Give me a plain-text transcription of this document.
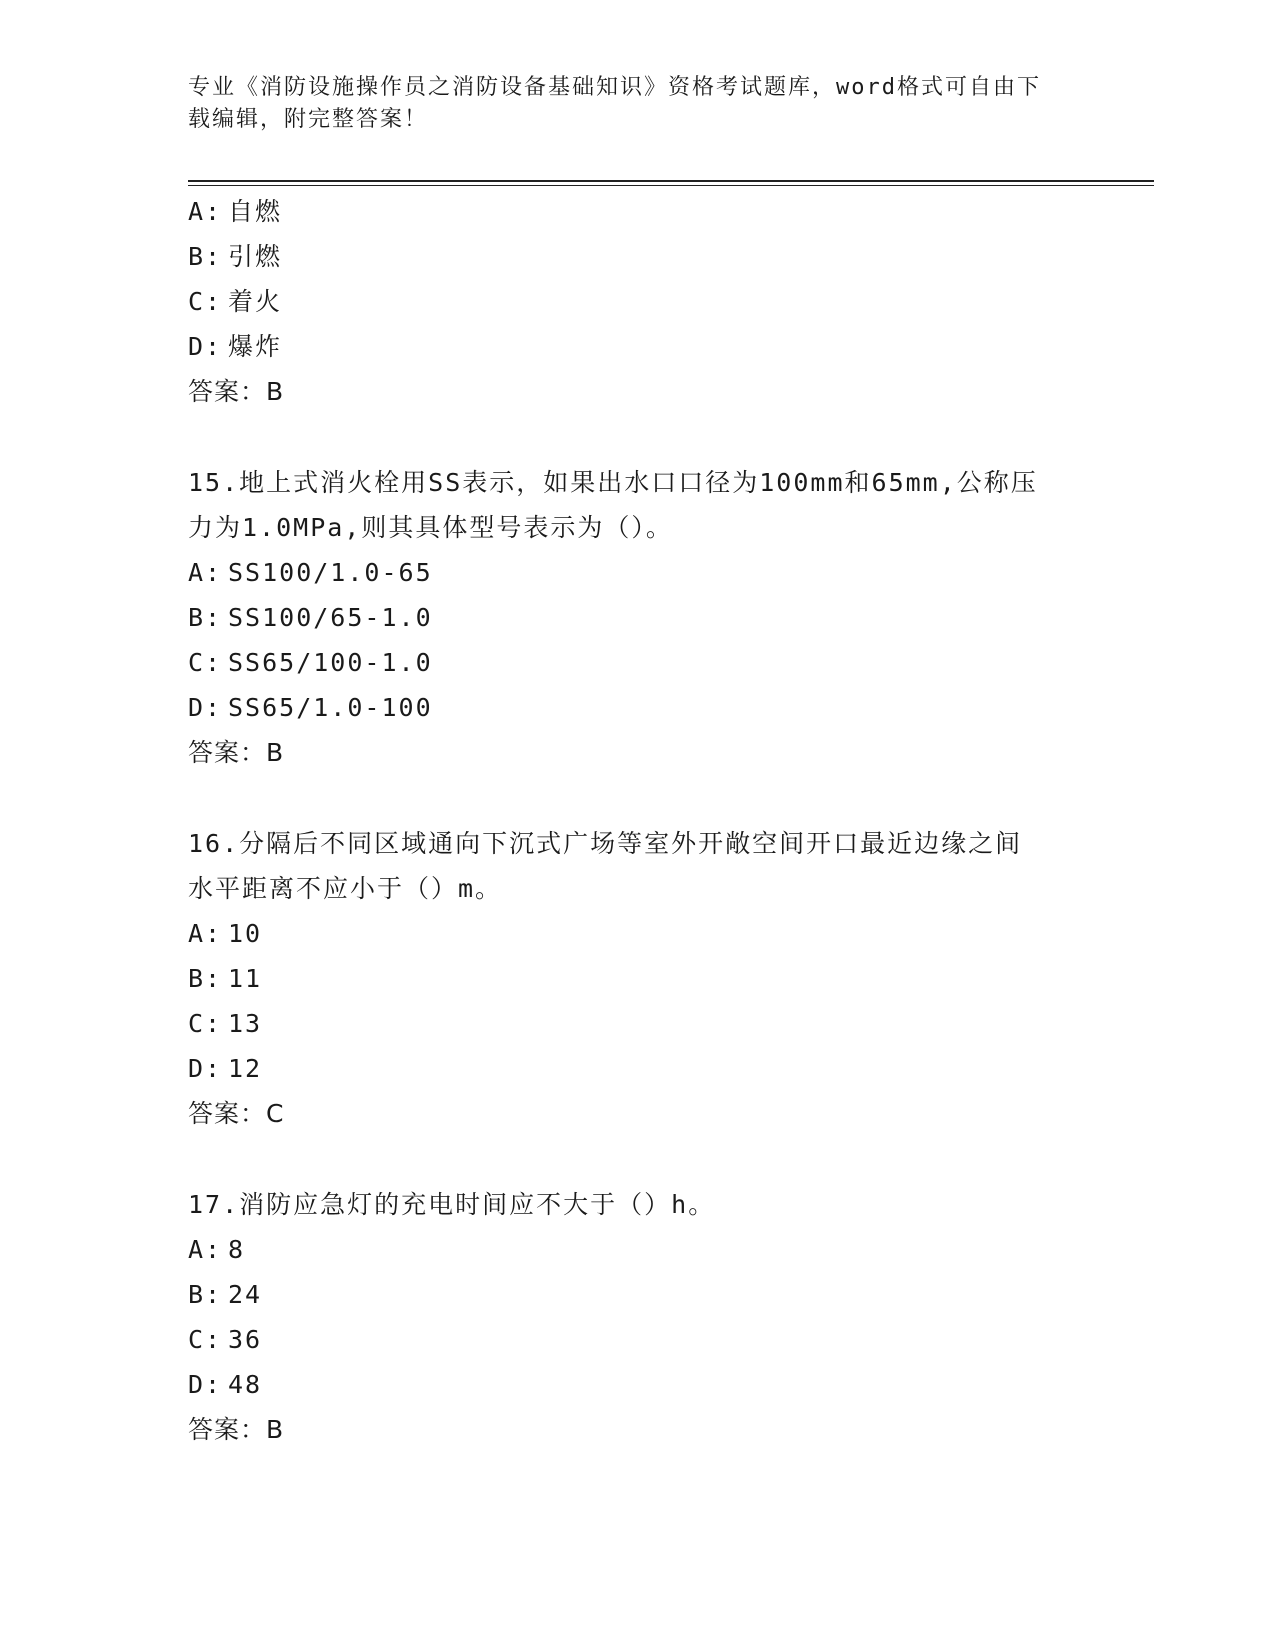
专业《消防设施操作员之消防设备基础知识》资格考试题库，word格式可自由下
载编辑，附完整答案！
A: 自燃
B: 引燃
C: 着火
D: 爆炸
答案：B
15.地上式消火栓用SS表示，如果出水口口径为100mm和65mm,公称压
力为1.0MPa,则其具体型号表示为（）。
A: SS100/1.0-65
B: SS100/65-1.0
C: SS65/100-1.0
D: SS65/1.0-100
答案：B
16.分隔后不同区域通向下沉式广场等室外开敞空间开口最近边缘之间
水平距离不应小于（）m。
A: 10
B: 11
C: 13
D: 12
答案：C
17.消防应急灯的充电时间应不大于（）h。
A: 8
B: 24
C: 36
D: 48
答案：B
